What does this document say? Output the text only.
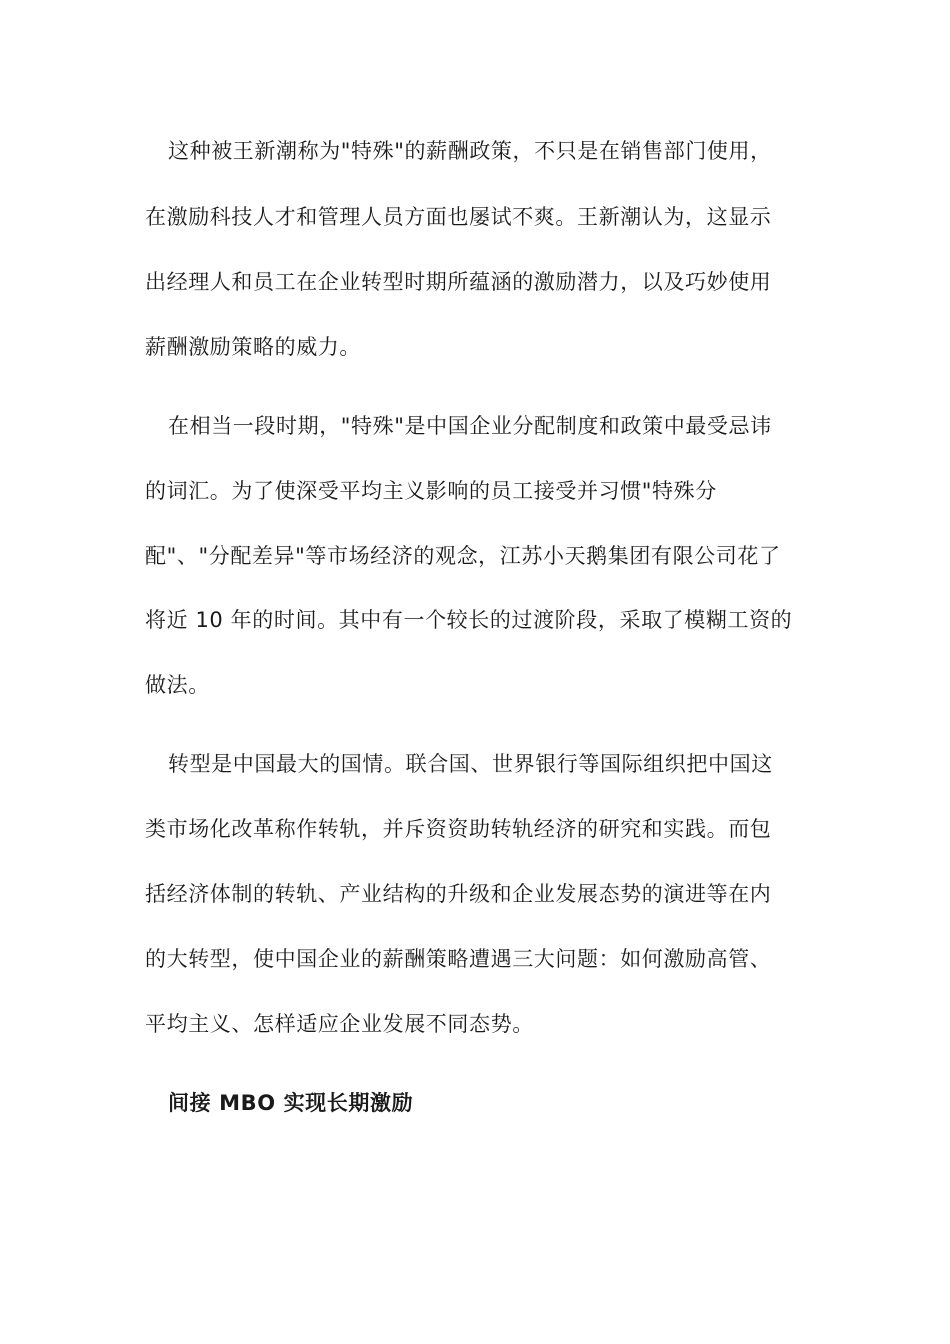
这种被王新潮称为"特殊"的薪酬政策，不只是在销售部门使用，
在激励科技人才和管理人员方面也屡试不爽。王新潮认为，这显示
出经理人和员工在企业转型时期所蕴涵的激励潜力，以及巧妙使用
薪酬激励策略的威力。
在相当一段时期，"特殊"是中国企业分配制度和政策中最受忌讳
的词汇。为了使深受平均主义影响的员工接受并习惯"特殊分
配"、"分配差异"等市场经济的观念，江苏小天鹅集团有限公司花了
将近 10 年的时间。其中有一个较长的过渡阶段，采取了模糊工资的
做法。
转型是中国最大的国情。联合国、世界银行等国际组织把中国这
类市场化改革称作转轨，并斥资资助转轨经济的研究和实践。而包
括经济体制的转轨、产业结构的升级和企业发展态势的演进等在内
的大转型，使中国企业的薪酬策略遭遇三大问题：如何激励高管、
平均主义、怎样适应企业发展不同态势。
间接 MBO 实现长期激励
